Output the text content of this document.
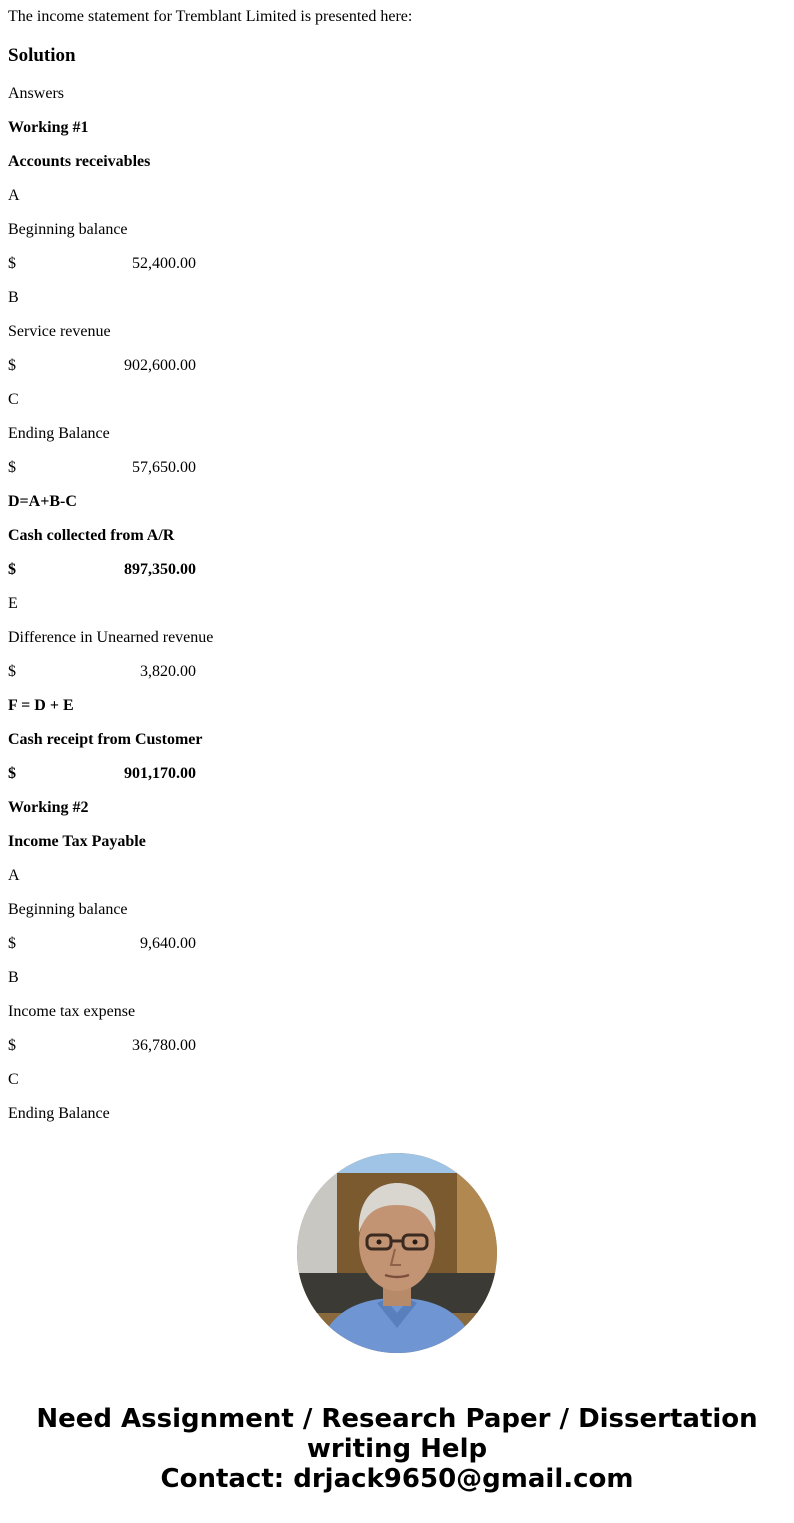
The income statement for Tremblant Limited is presented here:

Solution
Answers
Working #1
Accounts receivables
A
Beginning balance
$	52,400.00
B
Service revenue
$	902,600.00
C
Ending Balance
$	57,650.00
D=A+B-C
Cash collected from A/R
$	897,350.00
E
Difference in Unearned revenue
$	3,820.00
F = D + E
Cash receipt from Customer
$	901,170.00
Working #2
Income Tax Payable
A
Beginning balance
$	9,640.00
B
Income tax expense
$	36,780.00
C
Ending Balance
Need Assignment / Research Paper / Dissertation
writing Help
Contact: drjack9650@gmail.com
